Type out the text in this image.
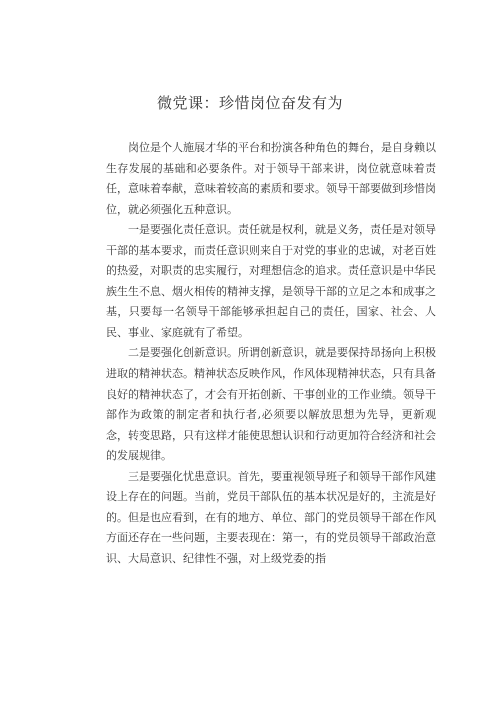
微党课：珍惜岗位奋发有为

岗位是个人施展才华的平台和扮演各种角色的舞台，是自身赖以生存发展的基础和必要条件。对于领导干部来讲，岗位就意味着责任，意味着奉献，意味着较高的素质和要求。领导干部要做到珍惜岗位，就必须强化五种意识。

一是要强化责任意识。责任就是权利，就是义务，责任是对领导干部的基本要求，而责任意识则来自于对党的事业的忠诚，对老百姓的热爱，对职责的忠实履行，对理想信念的追求。责任意识是中华民族生生不息、烟火相传的精神支撑，是领导干部的立足之本和成事之基，只要每一名领导干部能够承担起自己的责任，国家、社会、人民、事业、家庭就有了希望。

二是要强化创新意识。所谓创新意识，就是要保持昂扬向上积极进取的精神状态。精神状态反映作风，作风体现精神状态，只有具备良好的精神状态了，才会有开拓创新、干事创业的工作业绩。领导干部作为政策的制定者和执行者,必须要以解放思想为先导，更新观念，转变思路，只有这样才能使思想认识和行动更加符合经济和社会的发展规律。

三是要强化忧患意识。首先，要重视领导班子和领导干部作风建设上存在的问题。当前，党员干部队伍的基本状况是好的，主流是好的。但是也应看到，在有的地方、单位、部门的党员领导干部在作风方面还存在一些问题，主要表现在：第一，有的党员领导干部政治意识、大局意识、纪律性不强，对上级党委的指
